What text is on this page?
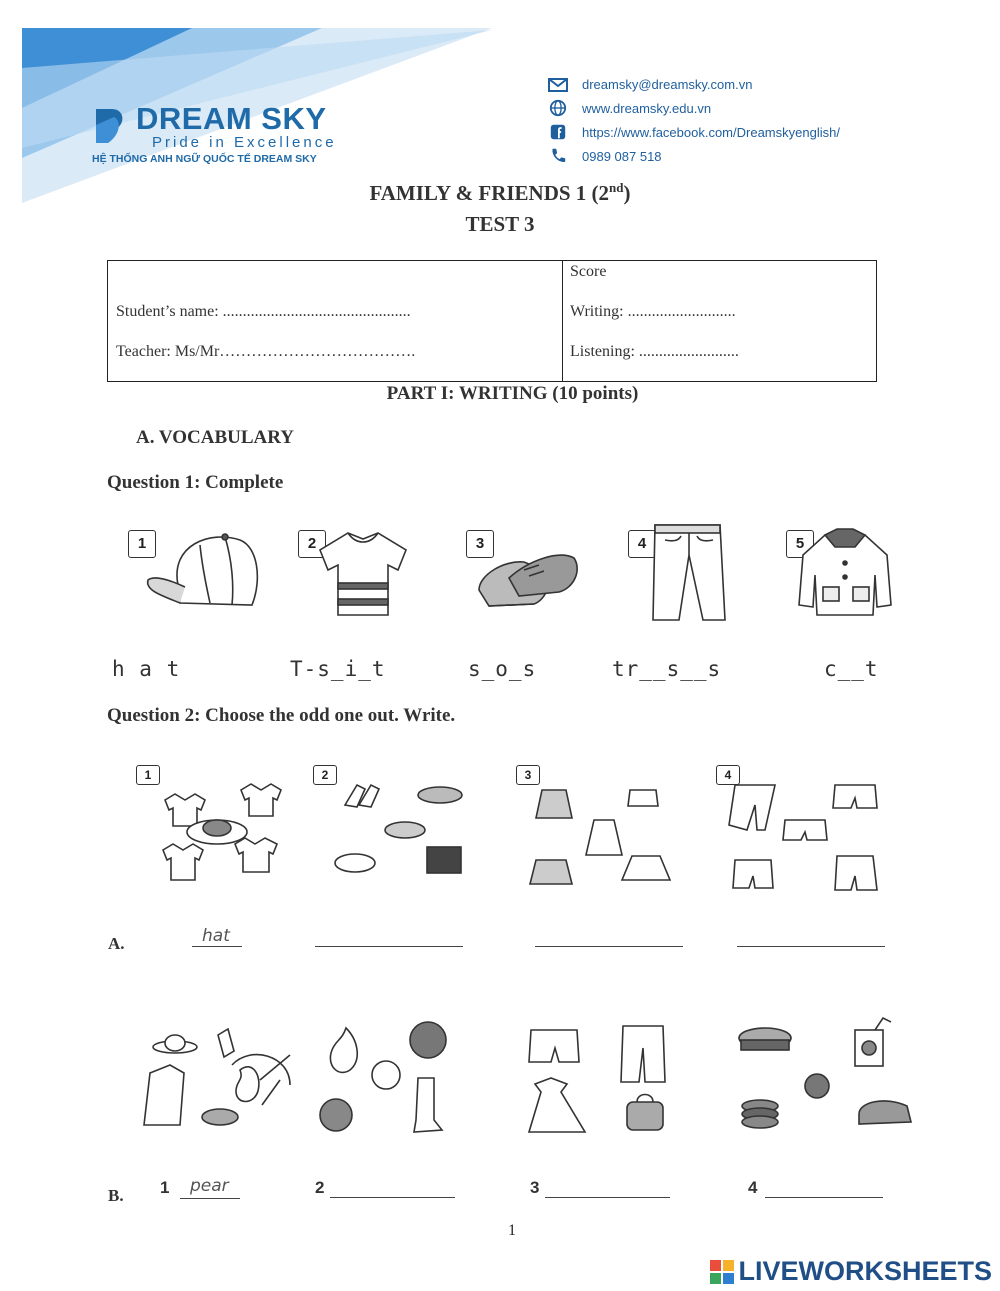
DREAM SKY
Pride in Excellence
HỆ THỐNG ANH NGỮ QUỐC TẾ DREAM SKY
dreamsky@dreamsky.com.vn
www.dreamsky.edu.vn
https://www.facebook.com/Dreamskyenglish/
0989 087 518
FAMILY & FRIENDS 1 (2nd)
TEST 3
Student’s name: ...............................................
Teacher: Ms/Mr……………………………….
Score
Writing: ...........................
Listening: .........................
PART I: WRITING (10 points)
A. VOCABULARY
Question 1: Complete
1	2	3	4	5
h a t	T-s_i_t	s_o_s	tr__s__s	c__t
Question 2: Choose the odd one out. Write.
1	2	3	4
A.	hat
B. 1 pear	2	3	4
1
LIVEWORKSHEETS
